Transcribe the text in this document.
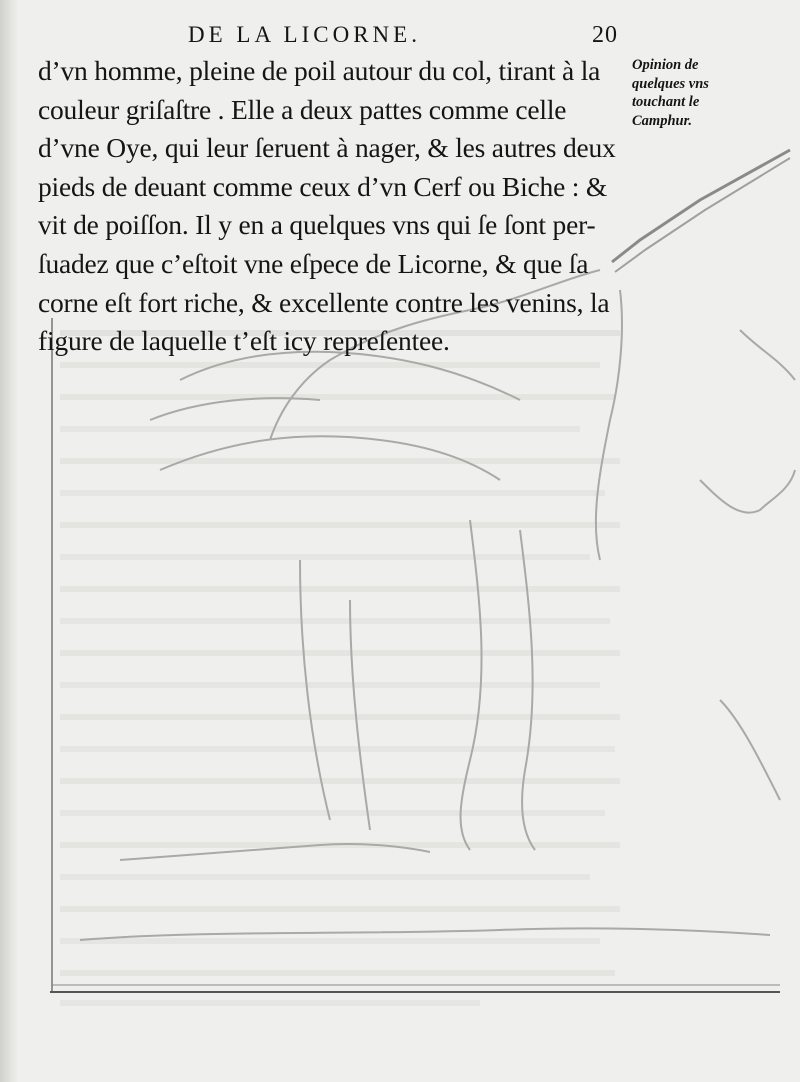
DE LA LICORNE.	20
d’vn homme, pleine de poil autour du col, tirant à la
couleur griſaſtre . Elle a deux pattes comme celle
d’vne Oye, qui leur ſeruent à nager, & les autres deux
pieds de deuant comme ceux d’vn Cerf ou Biche : &
vit de poiſſon. Il y en a quelques vns qui ſe ſont per-
ſuadez que c’eſtoit vne eſpece de Licorne, & que ſa
corne eſt fort riche, & excellente contre les venins, la
figure de laquelle t’eſt icy repreſentee.
Opinion de
quelques vns
touchant le
Camphur.
